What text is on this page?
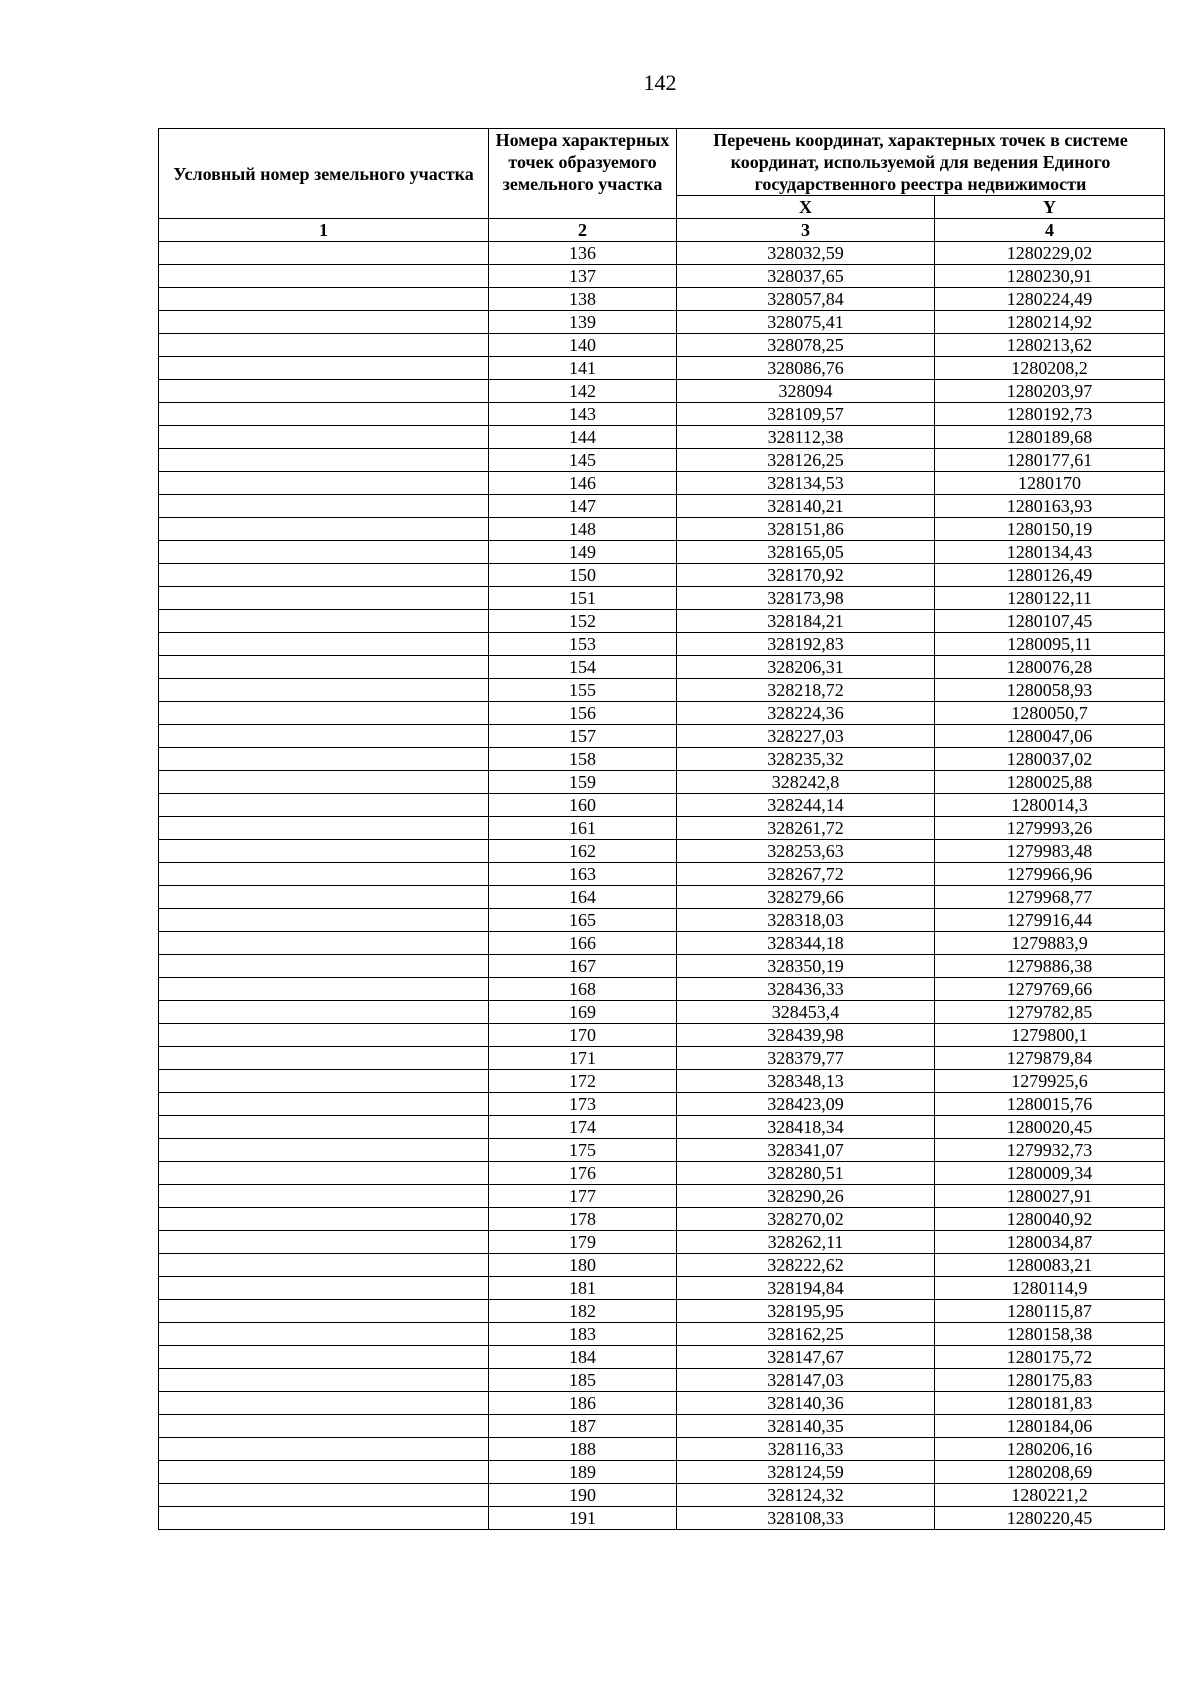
142
Условный номер земельного участка	Номера характерных точек образуемого земельного участка	Перечень координат, характерных точек в системе координат, используемой для ведения Единого государственного реестра недвижимости	
		X	Y
1	2	3	4
	136	328032,59	1280229,02
	137	328037,65	1280230,91
	138	328057,84	1280224,49
	139	328075,41	1280214,92
	140	328078,25	1280213,62
	141	328086,76	1280208,2
	142	328094	1280203,97
	143	328109,57	1280192,73
	144	328112,38	1280189,68
	145	328126,25	1280177,61
	146	328134,53	1280170
	147	328140,21	1280163,93
	148	328151,86	1280150,19
	149	328165,05	1280134,43
	150	328170,92	1280126,49
	151	328173,98	1280122,11
	152	328184,21	1280107,45
	153	328192,83	1280095,11
	154	328206,31	1280076,28
	155	328218,72	1280058,93
	156	328224,36	1280050,7
	157	328227,03	1280047,06
	158	328235,32	1280037,02
	159	328242,8	1280025,88
	160	328244,14	1280014,3
	161	328261,72	1279993,26
	162	328253,63	1279983,48
	163	328267,72	1279966,96
	164	328279,66	1279968,77
	165	328318,03	1279916,44
	166	328344,18	1279883,9
	167	328350,19	1279886,38
	168	328436,33	1279769,66
	169	328453,4	1279782,85
	170	328439,98	1279800,1
	171	328379,77	1279879,84
	172	328348,13	1279925,6
	173	328423,09	1280015,76
	174	328418,34	1280020,45
	175	328341,07	1279932,73
	176	328280,51	1280009,34
	177	328290,26	1280027,91
	178	328270,02	1280040,92
	179	328262,11	1280034,87
	180	328222,62	1280083,21
	181	328194,84	1280114,9
	182	328195,95	1280115,87
	183	328162,25	1280158,38
	184	328147,67	1280175,72
	185	328147,03	1280175,83
	186	328140,36	1280181,83
	187	328140,35	1280184,06
	188	328116,33	1280206,16
	189	328124,59	1280208,69
	190	328124,32	1280221,2
	191	328108,33	1280220,45
